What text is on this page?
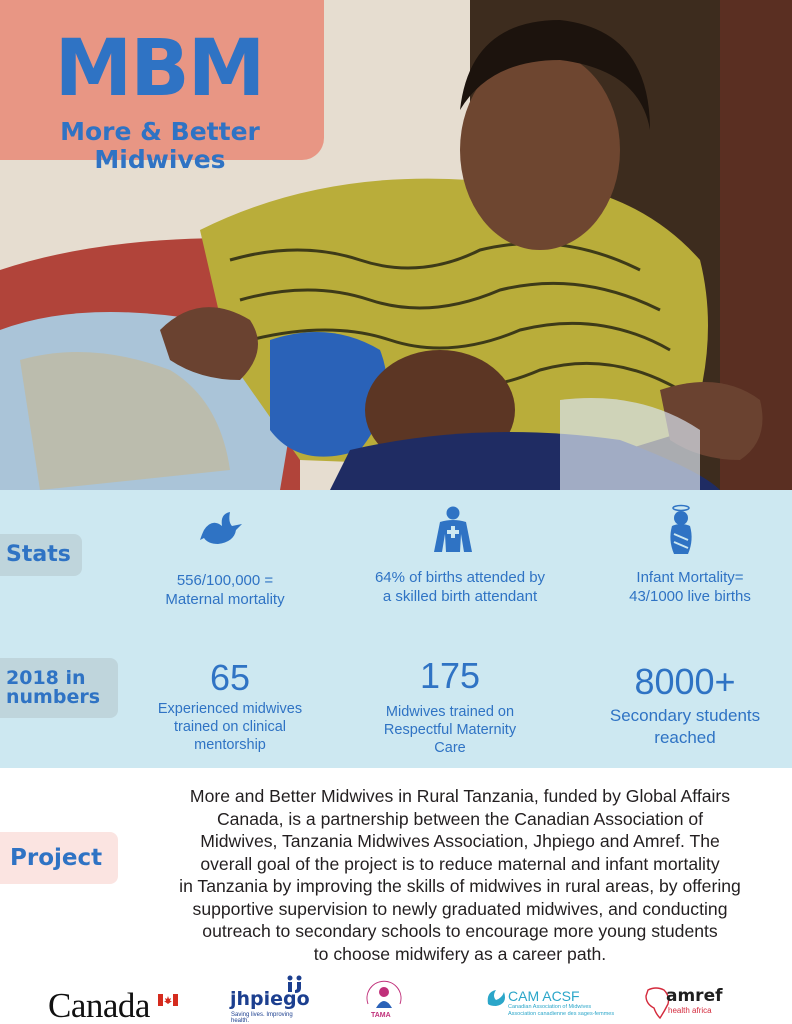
MBM
More & Better
Midwives
Stats
556/100,000 =
Maternal mortality
64% of births attended by
a skilled birth attendant
Infant Mortality=
43/1000 live births
2018 in
numbers	65
Experienced midwives
trained on clinical
mentorship
175
Midwives trained on
Respectful Maternity
Care
8000+
Secondary students
reached
Project
More and Better Midwives in Rural Tanzania, funded by Global Affairs
Canada, is a partnership between the Canadian Association of
Midwives, Tanzania Midwives Association, Jhpiego and Amref. The
overall goal of the project is to reduce maternal and infant mortality
in Tanzania by improving the skills of midwives in rural areas, by offering
supportive supervision to newly graduated midwives, and conducting
outreach to secondary schools to encourage more young students
to choose midwifery as a career path.
Canada	jhpiego
Saving lives. Improving health.
TAMA
CAM ACSF
Canadian Association of Midwives
Association canadienne des sages-femmes
amref
health africa
